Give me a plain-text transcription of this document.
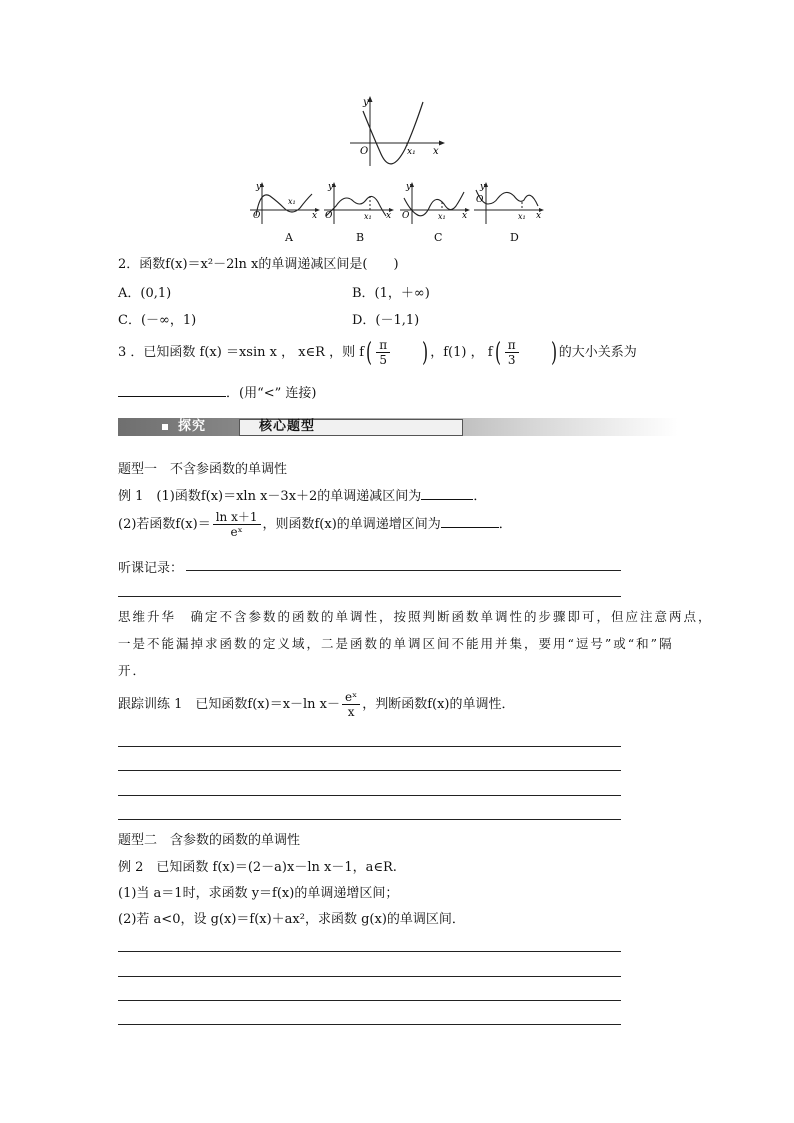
y
O	x₁ x
y
O
x₁
x
y
O	x₁ x
y
O	x₁ x
y
O
x₁ x
A	B	C	D
2．函数f(x)＝x²－2ln x的单调递减区间是(　　)
A．(0,1)	B．(1，＋∞)
C．(－∞，1)	D．(－1,1)
3 ．已知函数 f(x) ＝xsin x ， x∈R ，则 $f( \frac{\pi}{5}$ ) ，f(1) ， $f( \frac{\pi}{3}$ ) 的大小关系为
．(用“<” 连接)
探究	核心题型
题型一　不含参函数的单调性
例 1　(1)函数f(x)＝xln x－3x＋2的单调递减区间为	．
(2)若函数$f(x)= \frac{\text{ln x＋1}}{\text{eˣ}}$ ，则函数f(x)的单调递增区间为	．
听课记录：
思维升华　确定不含参数的函数的单调性，按照判断函数单调性的步骤即可，但应注意两点，
一是不能漏掉求函数的定义域，二是函数的单调区间不能用并集，要用“逗号”或“和”隔
开．
跟踪训练 1　已知函数f(x)＝x－ln $x- \frac{\text{eˣ}}{x}$ ，判断函数f(x)的单调性．
题型二　含参数的函数的单调性
例 2　已知函数 f(x)＝(2－a)x－ln x－1，a∈R.
(1)当 a＝1时，求函数 y＝f(x)的单调递增区间；
(2)若 a<0，设 g(x)＝f(x)＋ax²，求函数 g(x)的单调区间．
